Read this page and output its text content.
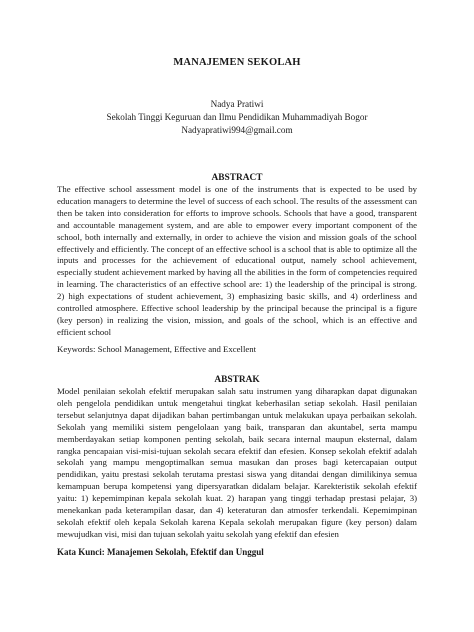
MANAJEMEN SEKOLAH
Nadya Pratiwi
Sekolah Tinggi Keguruan dan Ilmu Pendidikan Muhammadiyah Bogor
Nadyapratiwi994@gmail.com
ABSTRACT
The effective school assessment model is one of the instruments that is expected to be used by education managers to determine the level of success of each school. The results of the assessment can then be taken into consideration for efforts to improve schools. Schools that have a good, transparent and accountable management system, and are able to empower every important component of the school, both internally and externally, in order to achieve the vision and mission goals of the school effectively and efficiently. The concept of an effective school is a school that is able to optimize all the inputs and processes for the achievement of educational output, namely school achievement, especially student achievement marked by having all the abilities in the form of competencies required in learning. The characteristics of an effective school are: 1) the leadership of the principal is strong. 2) high expectations of student achievement, 3) emphasizing basic skills, and 4) orderliness and controlled atmosphere. Effective school leadership by the principal because the principal is a figure (key person) in realizing the vision, mission, and goals of the school, which is an effective and efficient school
Keywords: School Management, Effective and Excellent
ABSTRAK
Model penilaian sekolah efektif merupakan salah satu instrumen yang diharapkan dapat digunakan oleh pengelola pendidikan untuk mengetahui tingkat keberhasilan setiap sekolah. Hasil penilaian tersebut selanjutnya dapat dijadikan bahan pertimbangan untuk melakukan upaya perbaikan sekolah. Sekolah yang memiliki sistem pengelolaan yang baik, transparan dan akuntabel, serta mampu memberdayakan setiap komponen penting sekolah, baik secara internal maupun eksternal, dalam rangka pencapaian visi-misi-tujuan sekolah secara efektif dan efesien. Konsep sekolah efektif adalah sekolah yang mampu mengoptimalkan semua masukan dan proses bagi ketercapaian output pendidikan, yaitu prestasi sekolah terutama prestasi siswa yang ditandai dengan dimilikinya semua kemampuan berupa kompetensi yang dipersyaratkan didalam belajar. Karekteristik sekolah efektif yaitu: 1) kepemimpinan kepala sekolah kuat. 2) harapan yang tinggi terhadap prestasi pelajar, 3) menekankan pada keterampilan dasar, dan 4) keteraturan dan atmosfer terkendali. Kepemimpinan sekolah efektif oleh kepala Sekolah karena Kepala sekolah merupakan figure (key person) dalam mewujudkan visi, misi dan tujuan sekolah yaitu sekolah yang efektif dan efesien
Kata Kunci: Manajemen Sekolah, Efektif dan Unggul
